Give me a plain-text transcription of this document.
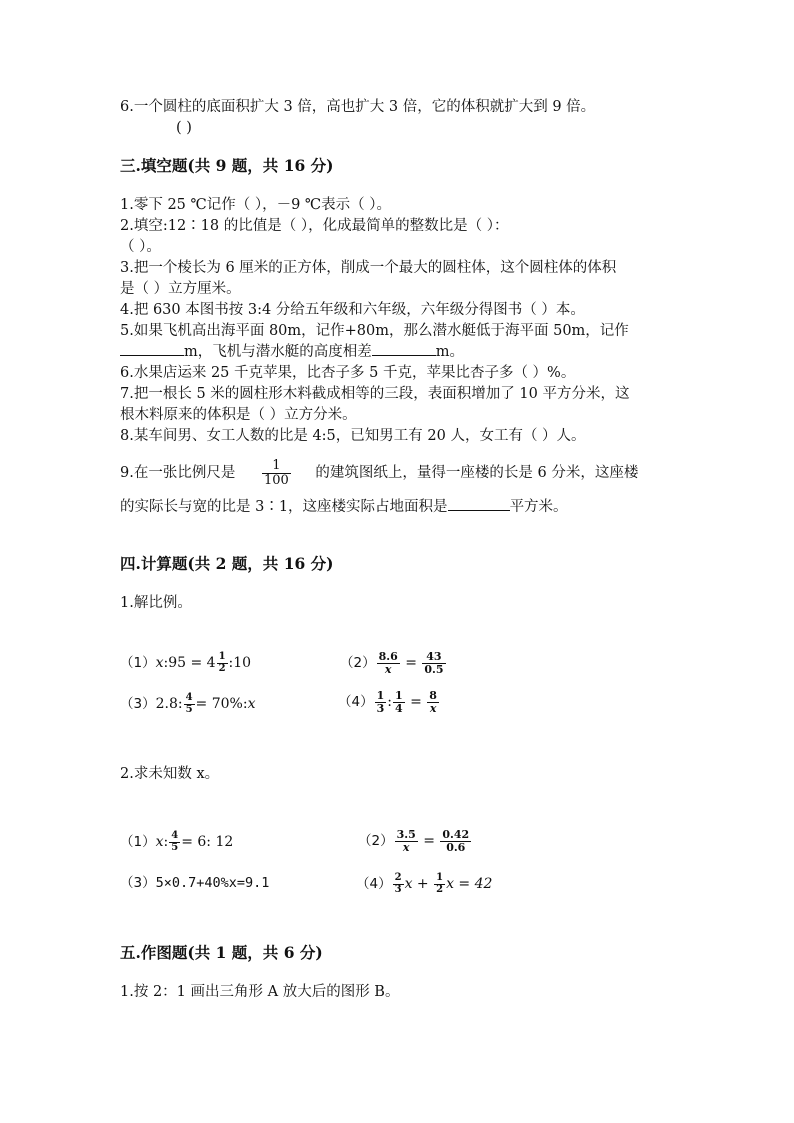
6.一个圆柱的底面积扩大 3 倍，高也扩大 3 倍，它的体积就扩大到 9 倍。
( )
三.填空题(共 9 题，共 16 分)
1.零下 25 ℃记作（ ），－9 ℃表示（ ）。
2.填空:12∶18 的比值是（ ），化成最简单的整数比是（ ）：
（ ）。
3.把一个棱长为 6 厘米的正方体，削成一个最大的圆柱体，这个圆柱体的体积
是（ ）立方厘米。
4.把 630 本图书按 3:4 分给五年级和六年级，六年级分得图书（ ）本。
5.如果飞机高出海平面 80m，记作+80m，那么潜水艇低于海平面 50m，记作
m，飞机与潜水艇的高度相差	m。
6.水果店运来 25 千克苹果，比杏子多 5 千克，苹果比杏子多（ ）%。
7.把一根长 5 米的圆柱形木料截成相等的三段，表面积增加了 10 平方分米，这
根木料原来的体积是（ ）立方分米。
8.某车间男、女工人数的比是 4:5，已知男工有 20 人，女工有（ ）人。
9.在一张比例尺是 $\frac{1}{100}$ 的建筑图纸上，量得一座楼的长是 6 分米，这座楼
的实际长与宽的比是 3∶1，这座楼实际占地面积是	平方米。
四.计算题(共 2 题，共 16 分)
1.解比例。
（1）x:95 = $4 \frac{1}{2}$ :10	$(2) \frac{8.6}{x} = \frac{43}{0.5}$
（3）2.8: $\frac{4}{5}$ = 70%:x	$(4) \frac{1}{3}$ : $\frac{1}{4} = \frac{8}{x}$
2.求未知数 x。
（1）x: $\frac{4}{5} = 6$: 12	$(2) \frac{3.5}{x} = \frac{0.42}{0.6}$
（3）5×0.7+40%x=9.1	$(4) \frac{2}{3}$ $x + \frac{1}{2}$ x = 42
五.作图题(共 1 题，共 6 分)
1.按 2：1 画出三角形 A 放大后的图形 B。
